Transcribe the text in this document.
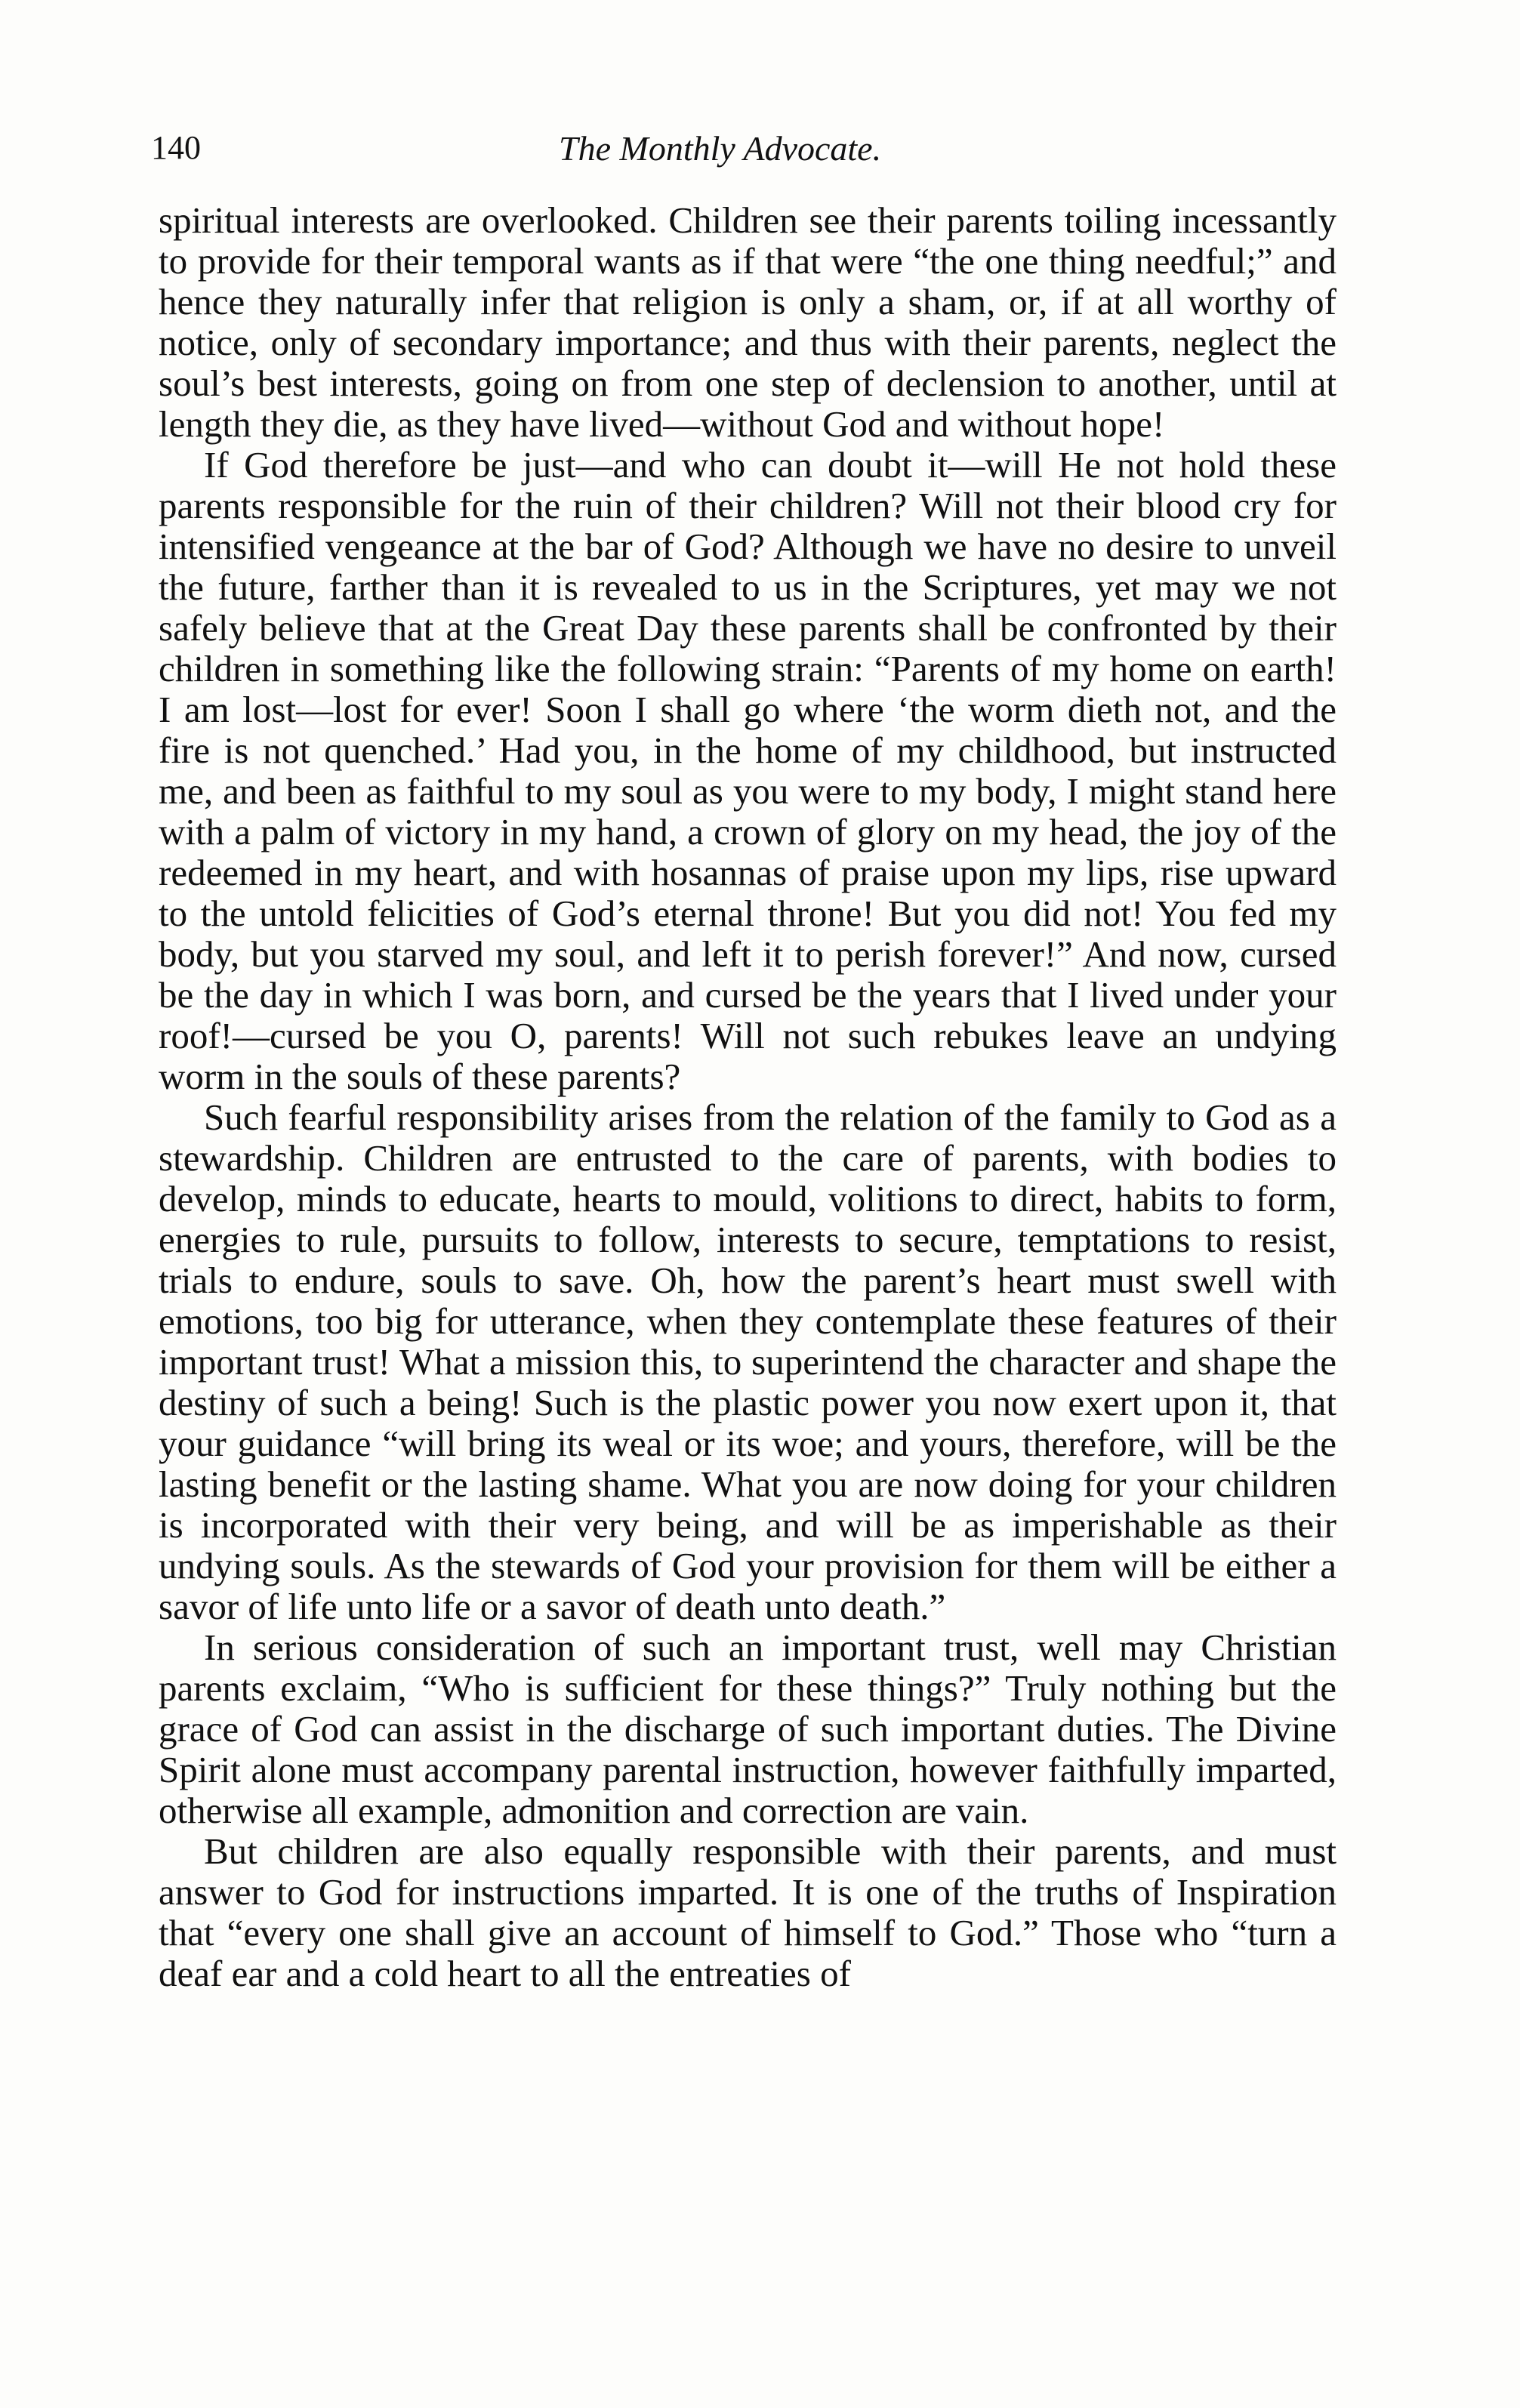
140	The Monthly Advocate.

spiritual interests are overlooked. Children see their parents toiling incessantly to provide for their temporal wants as if that were “the one thing needful;” and hence they naturally infer that religion is only a sham, or, if at all worthy of notice, only of secondary importance; and thus with their parents, neglect the soul’s best interests, going on from one step of declension to another, until at length they die, as they have lived—without God and without hope!

If God therefore be just—and who can doubt it—will He not hold these parents responsible for the ruin of their children? Will not their blood cry for intensified vengeance at the bar of God? Although we have no desire to unveil the future, farther than it is revealed to us in the Scriptures, yet may we not safely believe that at the Great Day these parents shall be confronted by their children in something like the following strain: “Parents of my home on earth! I am lost—lost for ever! Soon I shall go where ‘the worm dieth not, and the fire is not quenched.’ Had you, in the home of my childhood, but instructed me, and been as faithful to my soul as you were to my body, I might stand here with a palm of victory in my hand, a crown of glory on my head, the joy of the redeemed in my heart, and with hosannas of praise upon my lips, rise upward to the untold felicities of God’s eternal throne! But you did not! You fed my body, but you starved my soul, and left it to perish forever!” And now, cursed be the day in which I was born, and cursed be the years that I lived under your roof!—cursed be you O, parents! Will not such rebukes leave an undying worm in the souls of these parents?

Such fearful responsibility arises from the relation of the family to God as a stewardship. Children are entrusted to the care of parents, with bodies to develop, minds to educate, hearts to mould, volitions to direct, habits to form, energies to rule, pursuits to follow, interests to secure, temptations to resist, trials to endure, souls to save. Oh, how the parent’s heart must swell with emotions, too big for utterance, when they contemplate these features of their important trust! What a mission this, to superintend the character and shape the destiny of such a being! Such is the plastic power you now exert upon it, that your guidance “will bring its weal or its woe; and yours, therefore, will be the lasting benefit or the lasting shame. What you are now doing for your children is incorporated with their very being, and will be as imperishable as their undying souls. As the stewards of God your provision for them will be either a savor of life unto life or a savor of death unto death.”

In serious consideration of such an important trust, well may Christian parents exclaim, “Who is sufficient for these things?” Truly nothing but the grace of God can assist in the discharge of such important duties. The Divine Spirit alone must accompany parental instruction, however faithfully imparted, otherwise all example, admonition and correction are vain.

But children are also equally responsible with their parents, and must answer to God for instructions imparted. It is one of the truths of Inspiration that “every one shall give an account of himself to God.” Those who “turn a deaf ear and a cold heart to all the entreaties of
